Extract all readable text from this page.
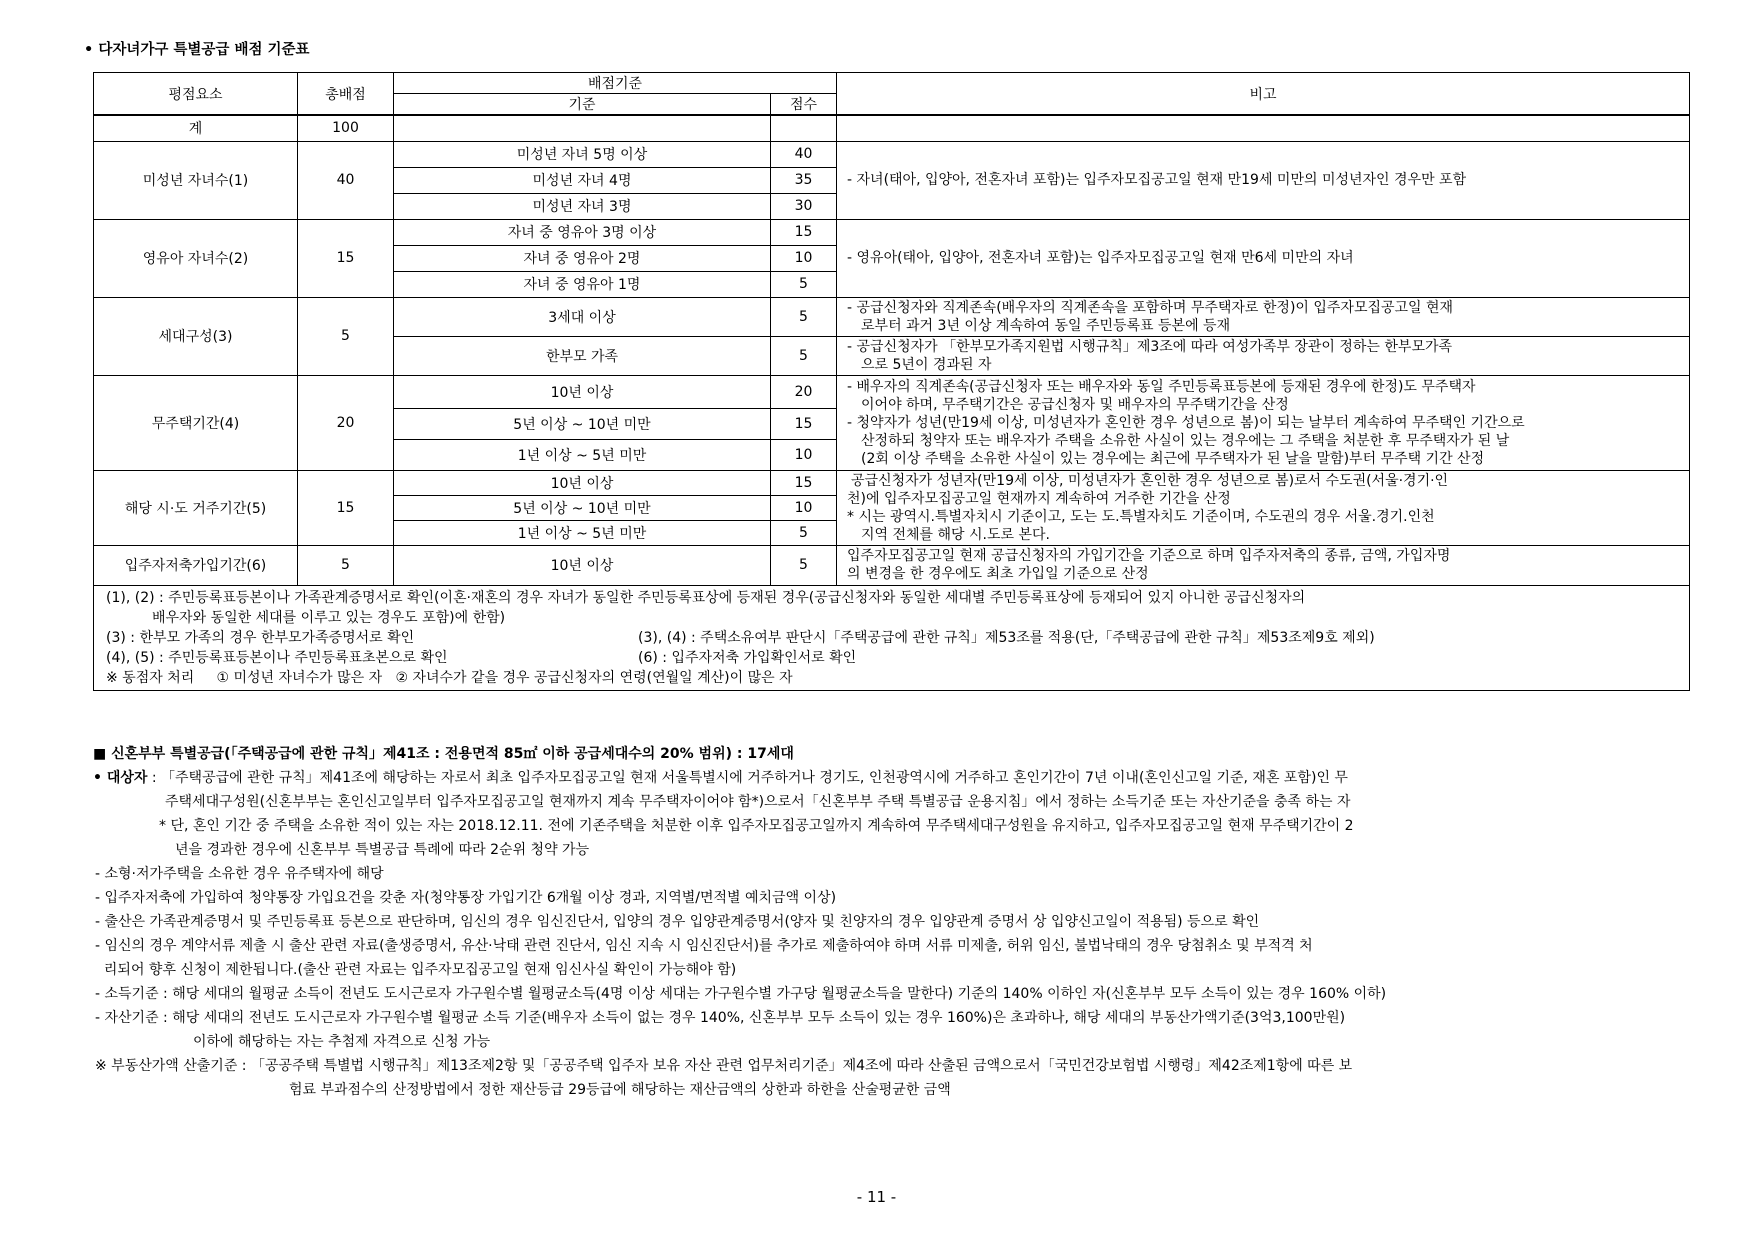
• 다자녀가구 특별공급 배점 기준표
평점요소	총배점	배점기준		비고
		기준	점수	
계	100			
미성년 자녀수(1)	40	미성년 자녀 5명 이상	40	- 자녀(태아, 입양아, 전혼자녀 포함)는 입주자모집공고일 현재 만19세 미만의 미성년자인 경우만 포함
		미성년 자녀 4명	35	
		미성년 자녀 3명	30	
영유아 자녀수(2)	15	자녀 중 영유아 3명 이상	15	- 영유아(태아, 입양아, 전혼자녀 포함)는 입주자모집공고일 현재 만6세 미만의 자녀
		자녀 중 영유아 2명	10	
		자녀 중 영유아 1명	5	
세대구성(3)	5	3세대 이상	5	- 공급신청자와 직계존속(배우자의 직계존속을 포함하며 무주택자로 한정)이 입주자모집공고일 현재
로부터 과거 3년 이상 계속하여 동일 주민등록표 등본에 등재

		한부모 가족	5	- 공급신청자가 「한부모가족지원법 시행규칙」제3조에 따라 여성가족부 장관이 정하는 한부모가족
으로 5년이 경과된 자

무주택기간(4)	20	10년 이상	20	- 배우자의 직계존속(공급신청자 또는 배우자와 동일 주민등록표등본에 등재된 경우에 한정)도 무주택자
이어야 하며, 무주택기간은 공급신청자 및 배우자의 무주택기간을 산정
- 청약자가 성년(만19세 이상, 미성년자가 혼인한 경우 성년으로 봄)이 되는 날부터 계속하여 무주택인 기간으로
산정하되 청약자 또는 배우자가 주택을 소유한 사실이 있는 경우에는 그 주택을 처분한 후 무주택자가 된 날
(2회 이상 주택을 소유한 사실이 있는 경우에는 최근에 무주택자가 된 날을 말함)부터 무주택 기간 산정

		5년 이상 ~ 10년 미만	15	
		1년 이상 ~ 5년 미만	10	
해당 시·도 거주기간(5)	15	10년 이상	15	공급신청자가 성년자(만19세 이상, 미성년자가 혼인한 경우 성년으로 봄)로서 수도권(서울·경기·인
천)에 입주자모집공고일 현재까지 계속하여 거주한 기간을 산정
* 시는 광역시.특별자치시 기준이고, 도는 도.특별자치도 기준이며, 수도권의 경우 서울.경기.인천
지역 전체를 해당 시.도로 본다.

		5년 이상 ~ 10년 미만	10	
		1년 이상 ~ 5년 미만	5	
입주자저축가입기간(6)	5	10년 이상	5	입주자모집공고일 현재 공급신청자의 가입기간을 기준으로 하며 입주자저축의 종류, 금액, 가입자명
의 변경을 한 경우에도 최초 가입일 기준으로 산정

(1), (2) : 주민등록표등본이나 가족관계증명서로 확인(이혼·재혼의 경우 자녀가 동일한 주민등록표상에 등재된 경우(공급신청자와 동일한 세대별 주민등록표상에 등재되어 있지 아니한 공급신청자의
배우자와 동일한 세대를 이루고 있는 경우도 포함)에 한함)
(3) : 한부모 가족의 경우 한부모가족증명서로 확인 (3), (4) : 주택소유여부 판단시「주택공급에 관한 규칙」제53조를 적용(단,「주택공급에 관한 규칙」제53조제9호 제외)
(4), (5) : 주민등록표등본이나 주민등록표초본으로 확인 (6) : 입주자저축 가입확인서로 확인
※ 동점자 처리     ① 미성년 자녀수가 많은 자   ② 자녀수가 같을 경우 공급신청자의 연령(연월일 계산)이 많은 자				
■ 신혼부부 특별공급(「주택공급에 관한 규칙」제41조 : 전용면적 85㎡ 이하 공급세대수의 20% 범위) : 17세대
• 대상자 : 「주택공급에 관한 규칙」제41조에 해당하는 자로서 최초 입주자모집공고일 현재 서울특별시에 거주하거나 경기도, 인천광역시에 거주하고 혼인기간이 7년 이내(혼인신고일 기준, 재혼 포함)인 무
주택세대구성원(신혼부부는 혼인신고일부터 입주자모집공고일 현재까지 계속 무주택자이어야 함*)으로서「신혼부부 주택 특별공급 운용지침」에서 정하는 소득기준 또는 자산기준을 충족 하는 자
* 단, 혼인 기간 중 주택을 소유한 적이 있는 자는 2018.12.11. 전에 기존주택을 처분한 이후 입주자모집공고일까지 계속하여 무주택세대구성원을 유지하고, 입주자모집공고일 현재 무주택기간이 2
년을 경과한 경우에 신혼부부 특별공급 특례에 따라 2순위 청약 가능
- 소형·저가주택을 소유한 경우 유주택자에 해당
- 입주자저축에 가입하여 청약통장 가입요건을 갖춘 자(청약통장 가입기간 6개월 이상 경과, 지역별/면적별 예치금액 이상)
- 출산은 가족관계증명서 및 주민등록표 등본으로 판단하며, 임신의 경우 임신진단서, 입양의 경우 입양관계증명서(양자 및 친양자의 경우 입양관계 증명서 상 입양신고일이 적용됨) 등으로 확인
- 임신의 경우 계약서류 제출 시 출산 관련 자료(출생증명서, 유산·낙태 관련 진단서, 임신 지속 시 임신진단서)를 추가로 제출하여야 하며 서류 미제출, 허위 임신, 불법낙태의 경우 당첨취소 및 부적격 처
리되어 향후 신청이 제한됩니다.(출산 관련 자료는 입주자모집공고일 현재 임신사실 확인이 가능해야 함)
- 소득기준 : 해당 세대의 월평균 소득이 전년도 도시근로자 가구원수별 월평균소득(4명 이상 세대는 가구원수별 가구당 월평균소득을 말한다) 기준의 140% 이하인 자(신혼부부 모두 소득이 있는 경우 160% 이하)
- 자산기준 : 해당 세대의 전년도 도시근로자 가구원수별 월평균 소득 기준(배우자 소득이 없는 경우 140%, 신혼부부 모두 소득이 있는 경우 160%)은 초과하나, 해당 세대의 부동산가액기준(3억3,100만원)
이하에 해당하는 자는 추첨제 자격으로 신청 가능
※ 부동산가액 산출기준 : 「공공주택 특별법 시행규칙」제13조제2항 및「공공주택 입주자 보유 자산 관련 업무처리기준」제4조에 따라 산출된 금액으로서「국민건강보험법 시행령」제42조제1항에 따른 보
험료 부과점수의 산정방법에서 정한 재산등급 29등급에 해당하는 재산금액의 상한과 하한을 산술평균한 금액
- 11 -
